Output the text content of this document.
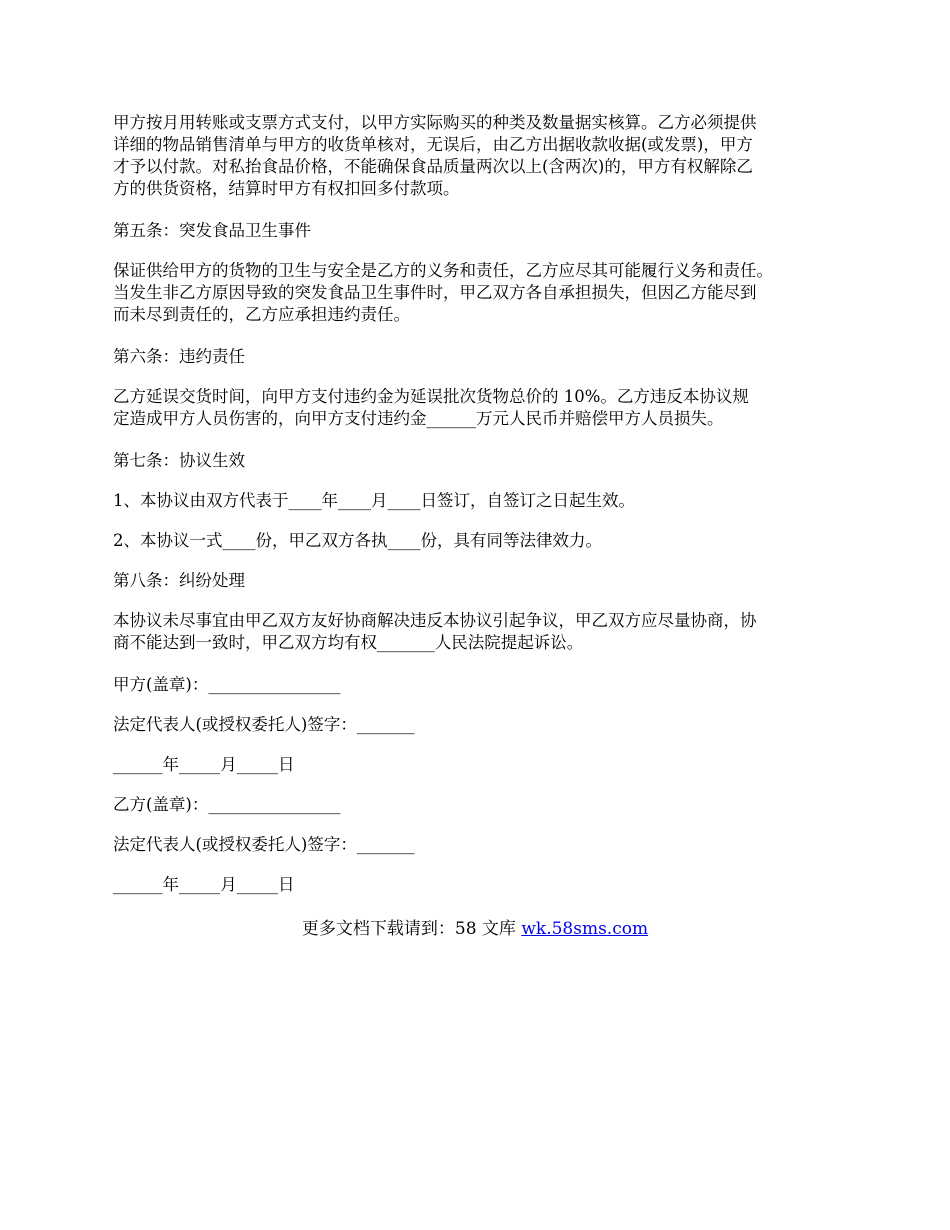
甲方按月用转账或支票方式支付，以甲方实际购买的种类及数量据实核算。乙方必须提供
详细的物品销售清单与甲方的收货单核对，无误后，由乙方出据收款收据(或发票)，甲方
才予以付款。对私抬食品价格，不能确保食品质量两次以上(含两次)的，甲方有权解除乙
方的供货资格，结算时甲方有权扣回多付款项。
第五条：突发食品卫生事件
保证供给甲方的货物的卫生与安全是乙方的义务和责任，乙方应尽其可能履行义务和责任。
当发生非乙方原因导致的突发食品卫生事件时，甲乙双方各自承担损失，但因乙方能尽到
而未尽到责任的，乙方应承担违约责任。
第六条：违约责任
乙方延误交货时间，向甲方支付违约金为延误批次货物总价的 10%。乙方违反本协议规
定造成甲方人员伤害的，向甲方支付违约金______万元人民币并赔偿甲方人员损失。
第七条：协议生效
1、本协议由双方代表于____年____月____日签订，自签订之日起生效。
2、本协议一式____份，甲乙双方各执____份，具有同等法律效力。
第八条：纠纷处理
本协议未尽事宜由甲乙双方友好协商解决违反本协议引起争议，甲乙双方应尽量协商，协
商不能达到一致时，甲乙双方均有权_______人民法院提起诉讼。
甲方(盖章)：________________
法定代表人(或授权委托人)签字：_______
______年_____月_____日
乙方(盖章)：________________
法定代表人(或授权委托人)签字：_______
______年_____月_____日
更多文档下载请到：58 文库 wk.58sms.com
